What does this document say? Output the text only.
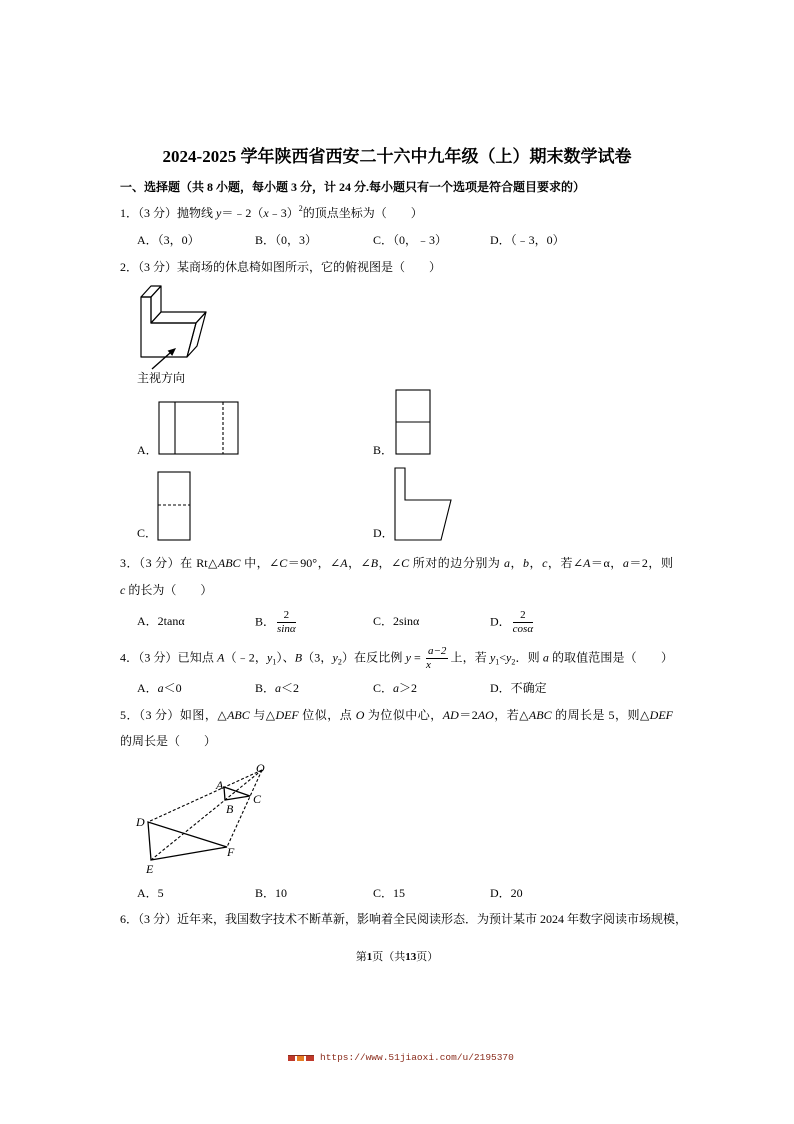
O
A
B
C
D
E
F
2024-2025 学年陕西省西安二十六中九年级（上）期末数学试卷
一、选择题（共 8 小题，每小题 3 分，计 24 分.每小题只有一个选项是符合题目要求的）
1．（3 分）抛物线 y＝﹣2（x﹣3）$^2$的顶点坐标为（　　）
A．（3，0）	B．（0，3）	C．（0，﹣3）	D．（﹣3，0）
2．（3 分）某商场的休息椅如图所示，它的俯视图是（　　）
主视方向
A．	B．
C．	D．
3．（3 分）在 Rt△ABC 中，∠C＝90°，∠A，∠B，∠C 所对的边分别为 a，b，c，若∠A＝α，a＝2，则
c 的长为（　　）
A．2tanα	B． $\frac{2}{\sin\alpha}$	C．2sinα	D． $\frac{2}{\cos\alpha}$
4．（3 分）已知点 A（﹣2，$y_1$）、B（3，$y_2$）在反比例 $y = \frac{a-2}{x}$ 上，若 $y_1<y_2$．则 a 的取值范围是（　　）
A．a＜0	B．a＜2	C．a＞2	D．不确定
5．（3 分）如图，△ABC 与△DEF 位似，点 O 为位似中心，AD＝2AO，若△ABC 的周长是 5，则△DEF
的周长是（　　）
A．5	B．10	C．15	D．20
6．（3 分）近年来，我国数字技术不断革新，影响着全民阅读形态．为预计某市 2024 年数字阅读市场规模，
第1页（共13页）
https://www.51jiaoxi.com/u/2195370
